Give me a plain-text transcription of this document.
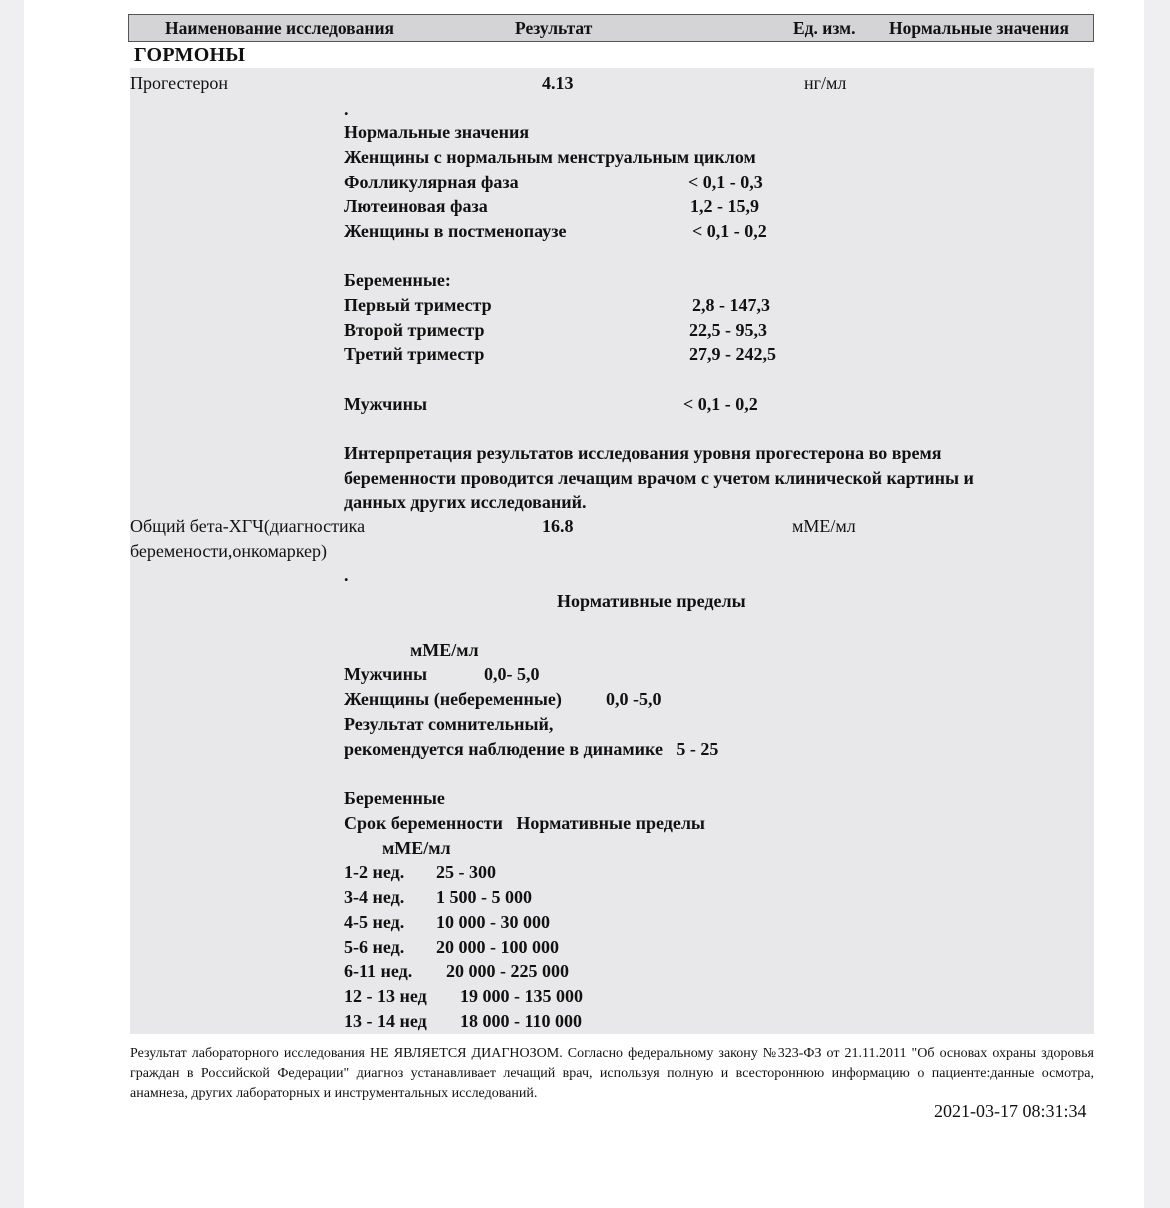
Наименование исследования	Результат	Ед. изм. Нормальные значения
ГОРМОНЫ
Прогестерон	4.13	нг/мл
.
Нормальные значения
Женщины с нормальным менструальным циклом
Фолликулярная фаза	< 0,1 - 0,3
Лютеиновая фаза	1,2 - 15,9
Женщины в постменопаузе	< 0,1 - 0,2
Беременные:
Первый триместр	2,8 - 147,3
Второй триместр	22,5 - 95,3
Третий триместр	27,9 - 242,5
Мужчины	< 0,1 - 0,2
Интерпретация результатов исследования уровня прогестерона во время
беременности проводится лечащим врачом с учетом клинической картины и
данных других исследований.
Общий бета-ХГЧ(диагностика
беремености,онкомаркер)
16.8	мМЕ/мл
.
Нормативные пределы
мМЕ/мл
Мужчины	0,0- 5,0
Женщины (небеременные) 0,0 -5,0
Результат сомнительный,
рекомендуется наблюдение в динамике   5 - 25
Беременные
Срок беременности   Нормативные пределы
мМЕ/мл
1-2 нед. 25 - 300
3-4 нед. 1 500 - 5 000
4-5 нед. 10 000 - 30 000
5-6 нед. 20 000 - 100 000
6-11 нед. 20 000 - 225 000
12 - 13 нед 19 000 - 135 000
13 - 14 нед 18 000 - 110 000
Результат лабораторного исследования НЕ ЯВЛЯЕТСЯ ДИАГНОЗОМ. Согласно федеральному закону №323-ФЗ от 21.11.2011 "Об основах охраны здоровья граждан в Российской Федерации" диагноз устанавливает лечащий врач, используя полную и всестороннюю информацию о пациенте:данные осмотра, анамнеза, других лабораторных и инструментальных исследований.
2021-03-17 08:31:34
